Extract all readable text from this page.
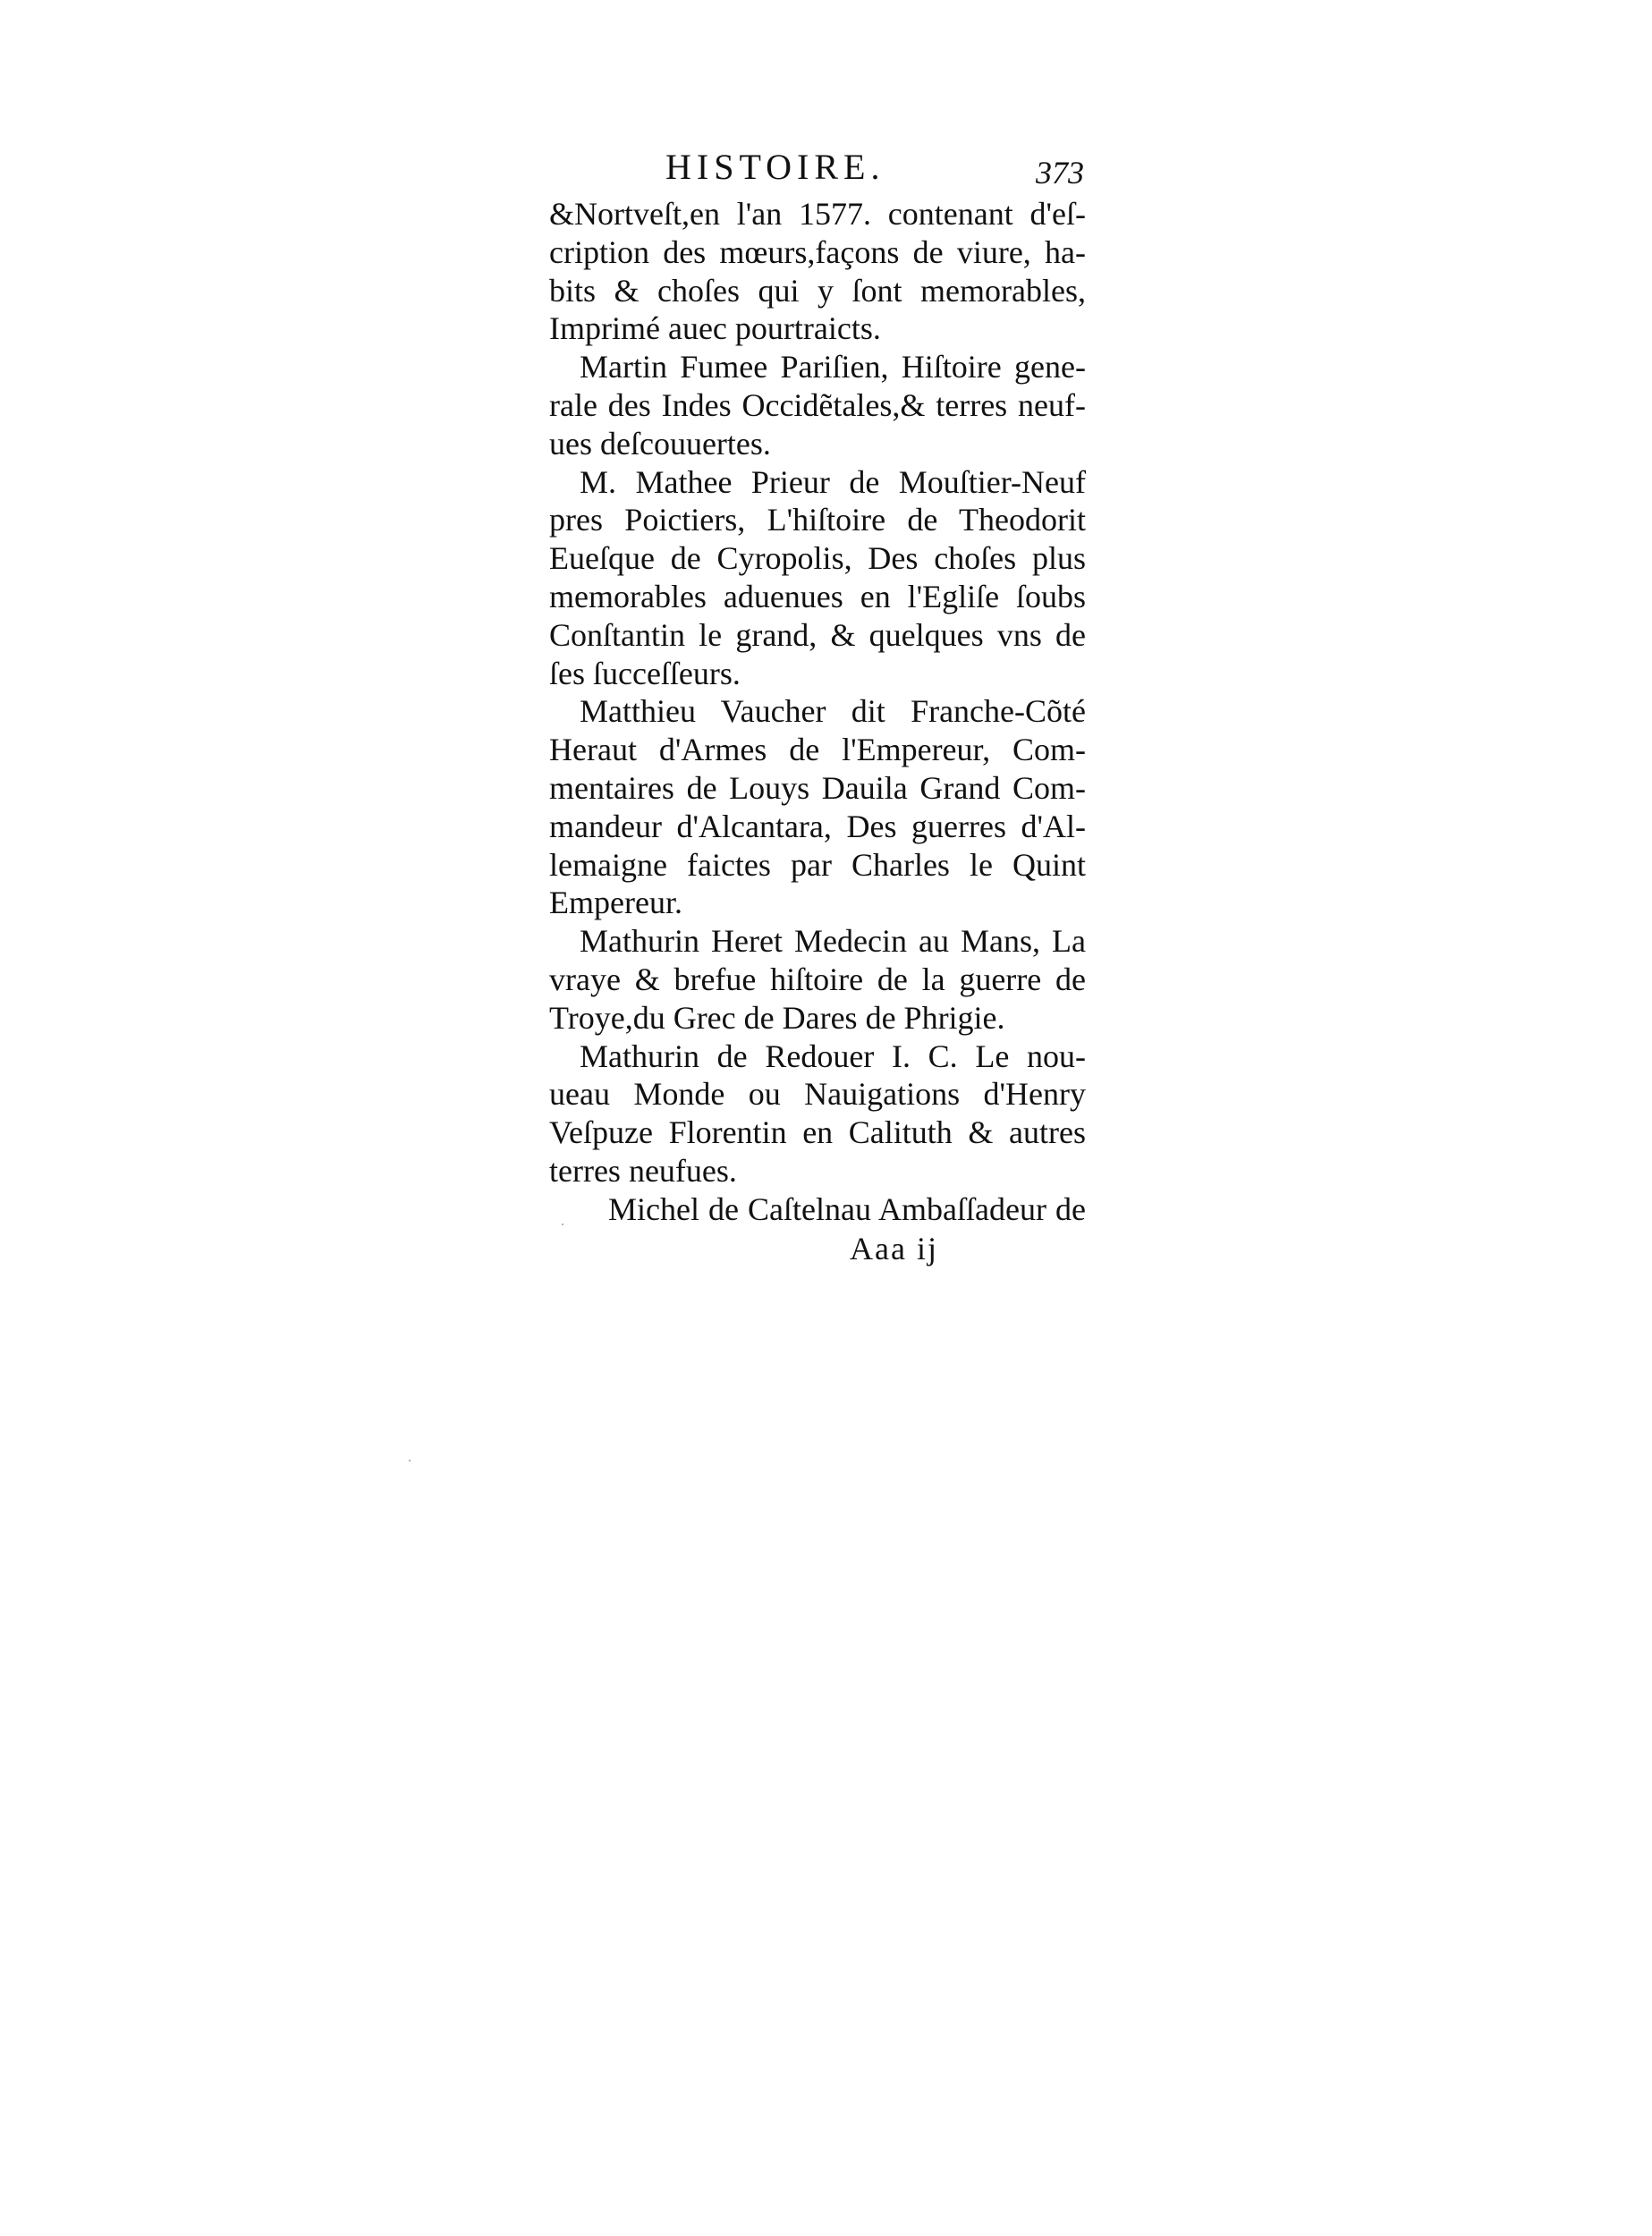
HISTOIRE.	373
&Nortveſt,en l'an 1577. contenant d'eſ-
cription des mœurs,façons de viure, ha-
bits & choſes qui y ſont memorables,
Imprimé auec pourtraicts.
Martin Fumee Pariſien, Hiſtoire gene-
rale des Indes Occidẽtales,& terres neuf-
ues deſcouuertes.
M. Mathee Prieur de Mouſtier-Neuf
pres Poictiers, L'hiſtoire de Theodorit
Eueſque de Cyropolis, Des choſes plus
memorables aduenues en l'Egliſe ſoubs
Conſtantin le grand, & quelques vns de
ſes ſucceſſeurs.
Matthieu Vaucher dit Franche-Cõté
Heraut d'Armes de l'Empereur, Com-
mentaires de Louys Dauila Grand Com-
mandeur d'Alcantara, Des guerres d'Al-
lemaigne faictes par Charles le Quint
Empereur.
Mathurin Heret Medecin au Mans, La
vraye & brefue hiſtoire de la guerre de
Troye,du Grec de Dares de Phrigie.
Mathurin de Redouer I. C. Le nou-
ueau Monde ou Nauigations d'Henry
Veſpuze Florentin en Calituth & autres
terres neufues.
Michel de Caſtelnau Ambaſſadeur de
Aaa ij
